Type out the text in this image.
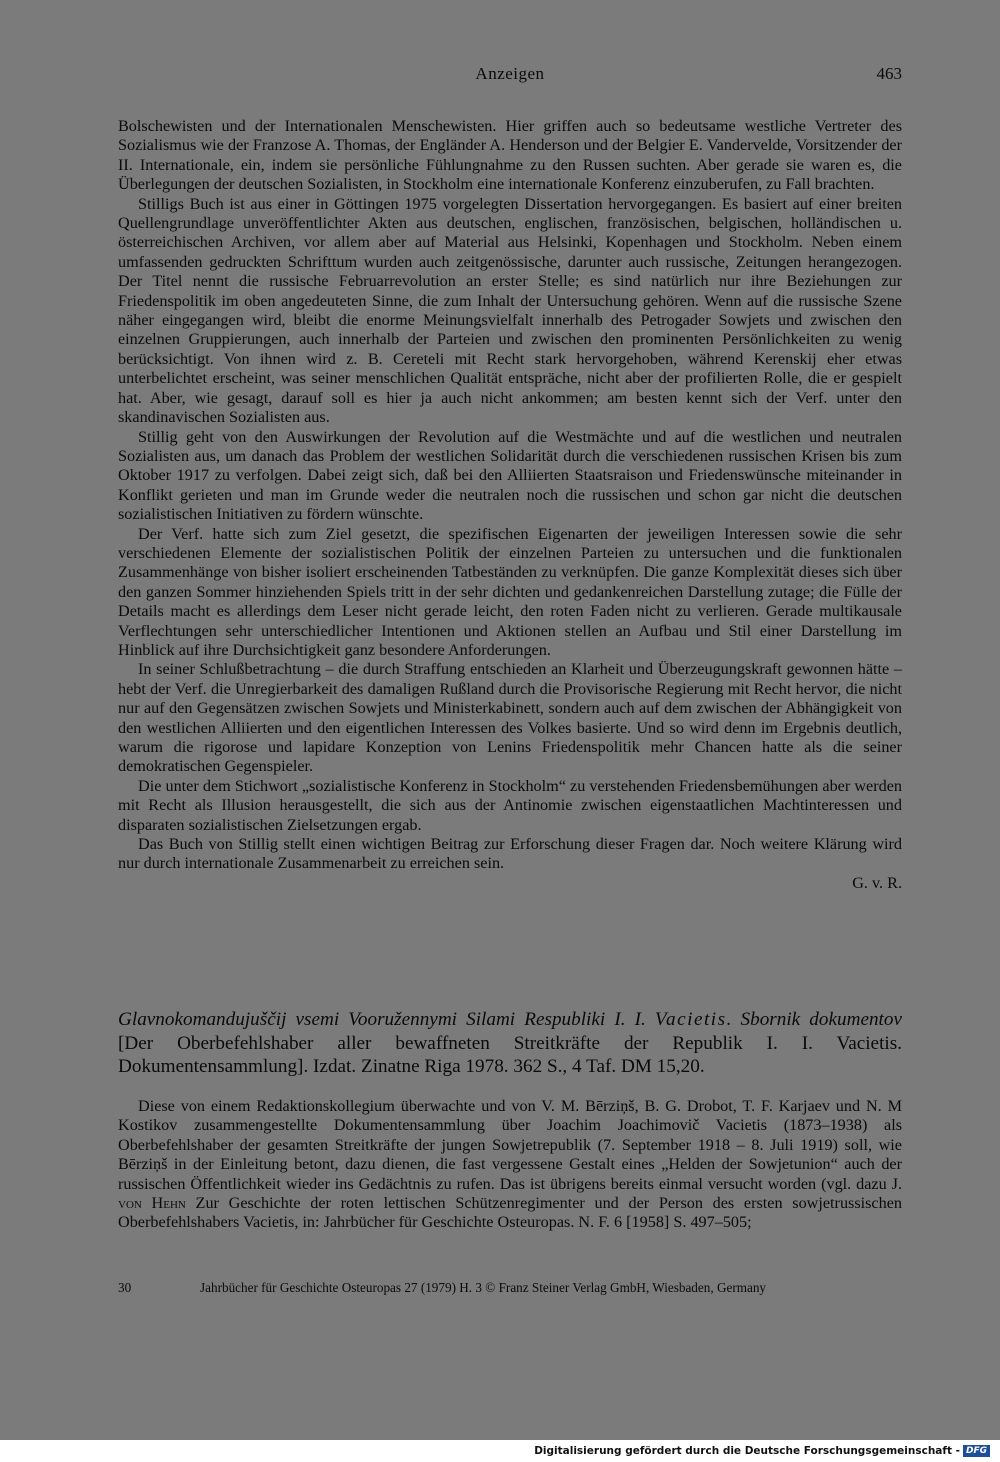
Anzeigen	463

Bolschewisten und der Internationalen Menschewisten. Hier griffen auch so bedeutsame westliche Vertreter des Sozialismus wie der Franzose A. Thomas, der Engländer A. Henderson und der Belgier E. Vandervelde, Vorsitzender der II. Internationale, ein, indem sie persönliche Fühlungnahme zu den Russen suchten. Aber gerade sie waren es, die Überlegungen der deutschen Sozialisten, in Stockholm eine internationale Konferenz einzuberufen, zu Fall brachten.

Stilligs Buch ist aus einer in Göttingen 1975 vorgelegten Dissertation hervorgegangen. Es basiert auf einer breiten Quellengrundlage unveröffentlichter Akten aus deutschen, englischen, französischen, belgischen, holländischen u. österreichischen Archiven, vor allem aber auf Material aus Helsinki, Kopenhagen und Stockholm. Neben einem umfassenden gedruckten Schrifttum wurden auch zeitgenössische, darunter auch russische, Zeitungen herangezogen. Der Titel nennt die russische Februarrevolution an erster Stelle; es sind natürlich nur ihre Beziehungen zur Friedenspolitik im oben angedeuteten Sinne, die zum Inhalt der Untersuchung gehören. Wenn auf die russische Szene näher eingegangen wird, bleibt die enorme Meinungsvielfalt innerhalb des Petrogader Sowjets und zwischen den einzelnen Gruppierungen, auch innerhalb der Parteien und zwischen den prominenten Persönlichkeiten zu wenig berücksichtigt. Von ihnen wird z. B. Cereteli mit Recht stark hervorgehoben, während Kerenskij eher etwas unterbelichtet erscheint, was seiner menschlichen Qualität entspräche, nicht aber der profilierten Rolle, die er gespielt hat. Aber, wie gesagt, darauf soll es hier ja auch nicht ankommen; am besten kennt sich der Verf. unter den skandinavischen Sozialisten aus.

Stillig geht von den Auswirkungen der Revolution auf die Westmächte und auf die westlichen und neutralen Sozialisten aus, um danach das Problem der westlichen Solidarität durch die verschiedenen russischen Krisen bis zum Oktober 1917 zu verfolgen. Dabei zeigt sich, daß bei den Alliierten Staatsraison und Friedenswünsche miteinander in Konflikt gerieten und man im Grunde weder die neutralen noch die russischen und schon gar nicht die deutschen sozialistischen Initiativen zu fördern wünschte.

Der Verf. hatte sich zum Ziel gesetzt, die spezifischen Eigenarten der jeweiligen Interessen sowie die sehr verschiedenen Elemente der sozialistischen Politik der einzelnen Parteien zu untersuchen und die funktionalen Zusammenhänge von bisher isoliert erscheinenden Tatbeständen zu verknüpfen. Die ganze Komplexität dieses sich über den ganzen Sommer hinziehenden Spiels tritt in der sehr dichten und gedankenreichen Darstellung zutage; die Fülle der Details macht es allerdings dem Leser nicht gerade leicht, den roten Faden nicht zu verlieren. Gerade multikausale Verflechtungen sehr unterschiedlicher Intentionen und Aktionen stellen an Aufbau und Stil einer Darstellung im Hinblick auf ihre Durchsichtigkeit ganz besondere Anforderungen.

In seiner Schlußbetrachtung – die durch Straffung entschieden an Klarheit und Überzeugungskraft gewonnen hätte – hebt der Verf. die Unregierbarkeit des damaligen Rußland durch die Provisorische Regierung mit Recht hervor, die nicht nur auf den Gegensätzen zwischen Sowjets und Ministerkabinett, sondern auch auf dem zwischen der Abhängigkeit von den westlichen Alliierten und den eigentlichen Interessen des Volkes basierte. Und so wird denn im Ergebnis deutlich, warum die rigorose und lapidare Konzeption von Lenins Friedenspolitik mehr Chancen hatte als die seiner demokratischen Gegenspieler.

Die unter dem Stichwort „sozialistische Konferenz in Stockholm“ zu verstehenden Friedensbemühungen aber werden mit Recht als Illusion herausgestellt, die sich aus der Antinomie zwischen eigenstaatlichen Machtinteressen und disparaten sozialistischen Zielsetzungen ergab.

Das Buch von Stillig stellt einen wichtigen Beitrag zur Erforschung dieser Fragen dar. Noch weitere Klärung wird nur durch internationale Zusammenarbeit zu erreichen sein.

G. v. R.

Glavnokomandujuščij vsemi Vooružennymi Silami Respubliki I. I. Vacietis. Sbornik dokumentov [Der Oberbefehlshaber aller bewaffneten Streitkräfte der Republik I. I. Vacietis. Dokumentensammlung]. Izdat. Zinatne Riga 1978. 362 S., 4 Taf. DM 15,20.

Diese von einem Redaktionskollegium überwachte und von V. M. Bērziņš, B. G. Drobot, T. F. Karjaev und N. M Kostikov zusammengestellte Dokumentensammlung über Joachim Joachimovič Vacietis (1873–1938) als Oberbefehlshaber der gesamten Streitkräfte der jungen Sowjetrepublik (7. September 1918 – 8. Juli 1919) soll, wie Bērziņš in der Einleitung betont, dazu dienen, die fast vergessene Gestalt eines „Helden der Sowjetunion“ auch der russischen Öffentlichkeit wieder ins Gedächtnis zu rufen. Das ist übrigens bereits einmal versucht worden (vgl. dazu J. von Hehn Zur Geschichte der roten lettischen Schützenregimenter und der Person des ersten sowjetrussischen Oberbefehlshabers Vacietis, in: Jahrbücher für Geschichte Osteuropas. N. F. 6 [1958] S. 497–505;

30	Jahrbücher für Geschichte Osteuropas 27 (1979) H. 3 © Franz Steiner Verlag GmbH, Wiesbaden, Germany
Digitalisierung gefördert durch die Deutsche Forschungsgemeinschaft - DFG
